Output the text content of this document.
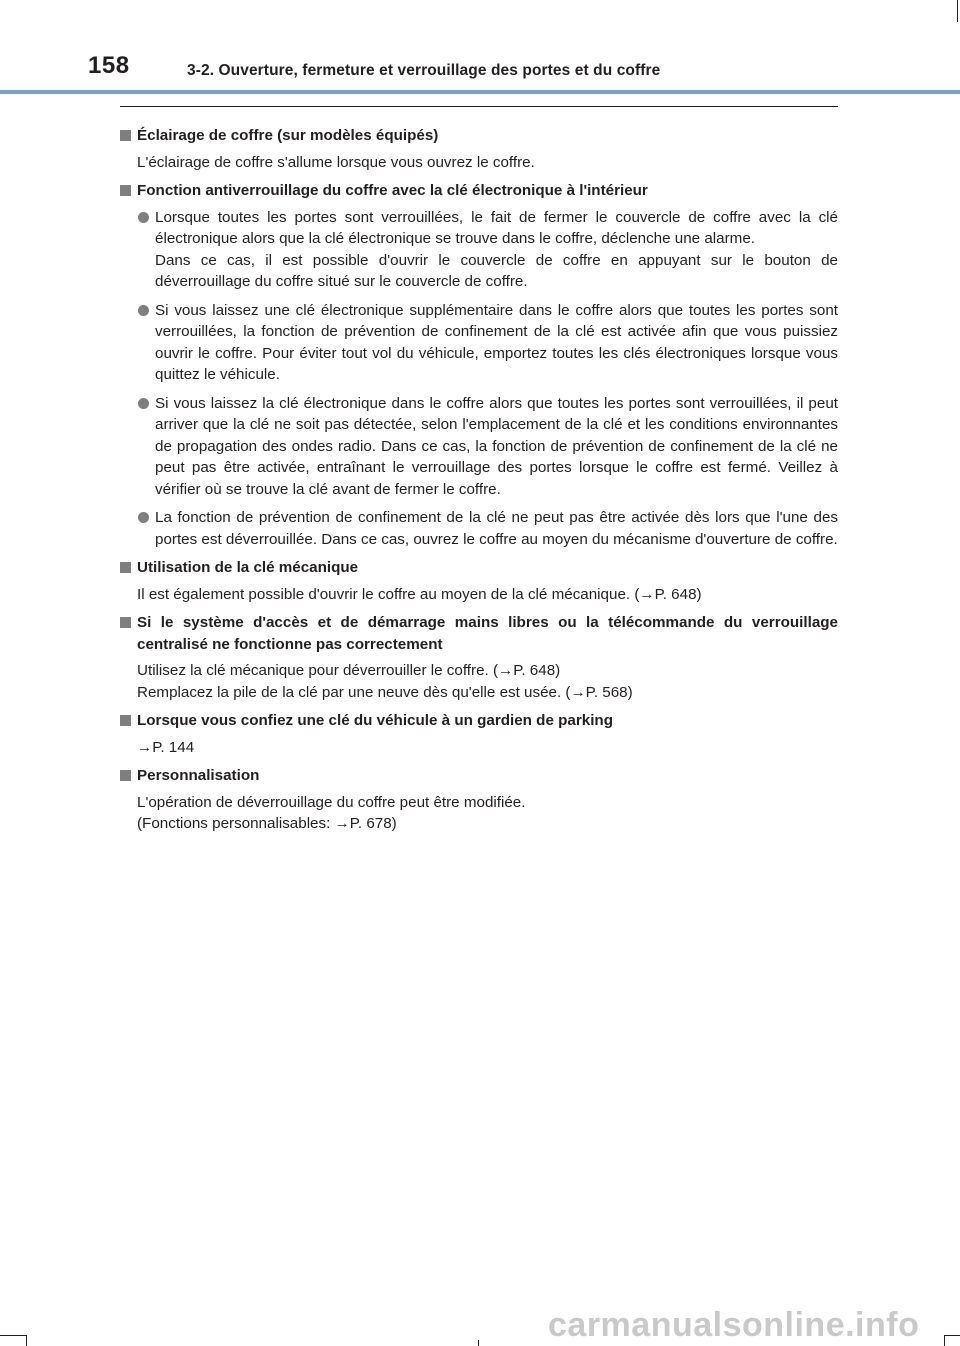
158	3-2. Ouverture, fermeture et verrouillage des portes et du coffre
Éclairage de coffre (sur modèles équipés)
L'éclairage de coffre s'allume lorsque vous ouvrez le coffre.
Fonction antiverrouillage du coffre avec la clé électronique à l'intérieur
Lorsque toutes les portes sont verrouillées, le fait de fermer le couvercle de coffre avec la clé électronique alors que la clé électronique se trouve dans le coffre, déclenche une alarme.
Dans ce cas, il est possible d'ouvrir le couvercle de coffre en appuyant sur le bouton de déverrouillage du coffre situé sur le couvercle de coffre.
Si vous laissez une clé électronique supplémentaire dans le coffre alors que toutes les portes sont verrouillées, la fonction de prévention de confinement de la clé est activée afin que vous puissiez ouvrir le coffre. Pour éviter tout vol du véhicule, emportez toutes les clés électroniques lorsque vous quittez le véhicule.
Si vous laissez la clé électronique dans le coffre alors que toutes les portes sont verrouillées, il peut arriver que la clé ne soit pas détectée, selon l'emplacement de la clé et les conditions environnantes de propagation des ondes radio. Dans ce cas, la fonction de prévention de confinement de la clé ne peut pas être activée, entraînant le verrouillage des portes lorsque le coffre est fermé. Veillez à vérifier où se trouve la clé avant de fermer le coffre.
La fonction de prévention de confinement de la clé ne peut pas être activée dès lors que l'une des portes est déverrouillée. Dans ce cas, ouvrez le coffre au moyen du mécanisme d'ouverture de coffre.
Utilisation de la clé mécanique
Il est également possible d'ouvrir le coffre au moyen de la clé mécanique. (→P. 648)
Si le système d'accès et de démarrage mains libres ou la télécommande du verrouillage centralisé ne fonctionne pas correctement
Utilisez la clé mécanique pour déverrouiller le coffre. (→P. 648)
Remplacez la pile de la clé par une neuve dès qu'elle est usée. (→P. 568)
Lorsque vous confiez une clé du véhicule à un gardien de parking
→P. 144
Personnalisation
L'opération de déverrouillage du coffre peut être modifiée.
(Fonctions personnalisables: →P. 678)
carmanualsonline.info
